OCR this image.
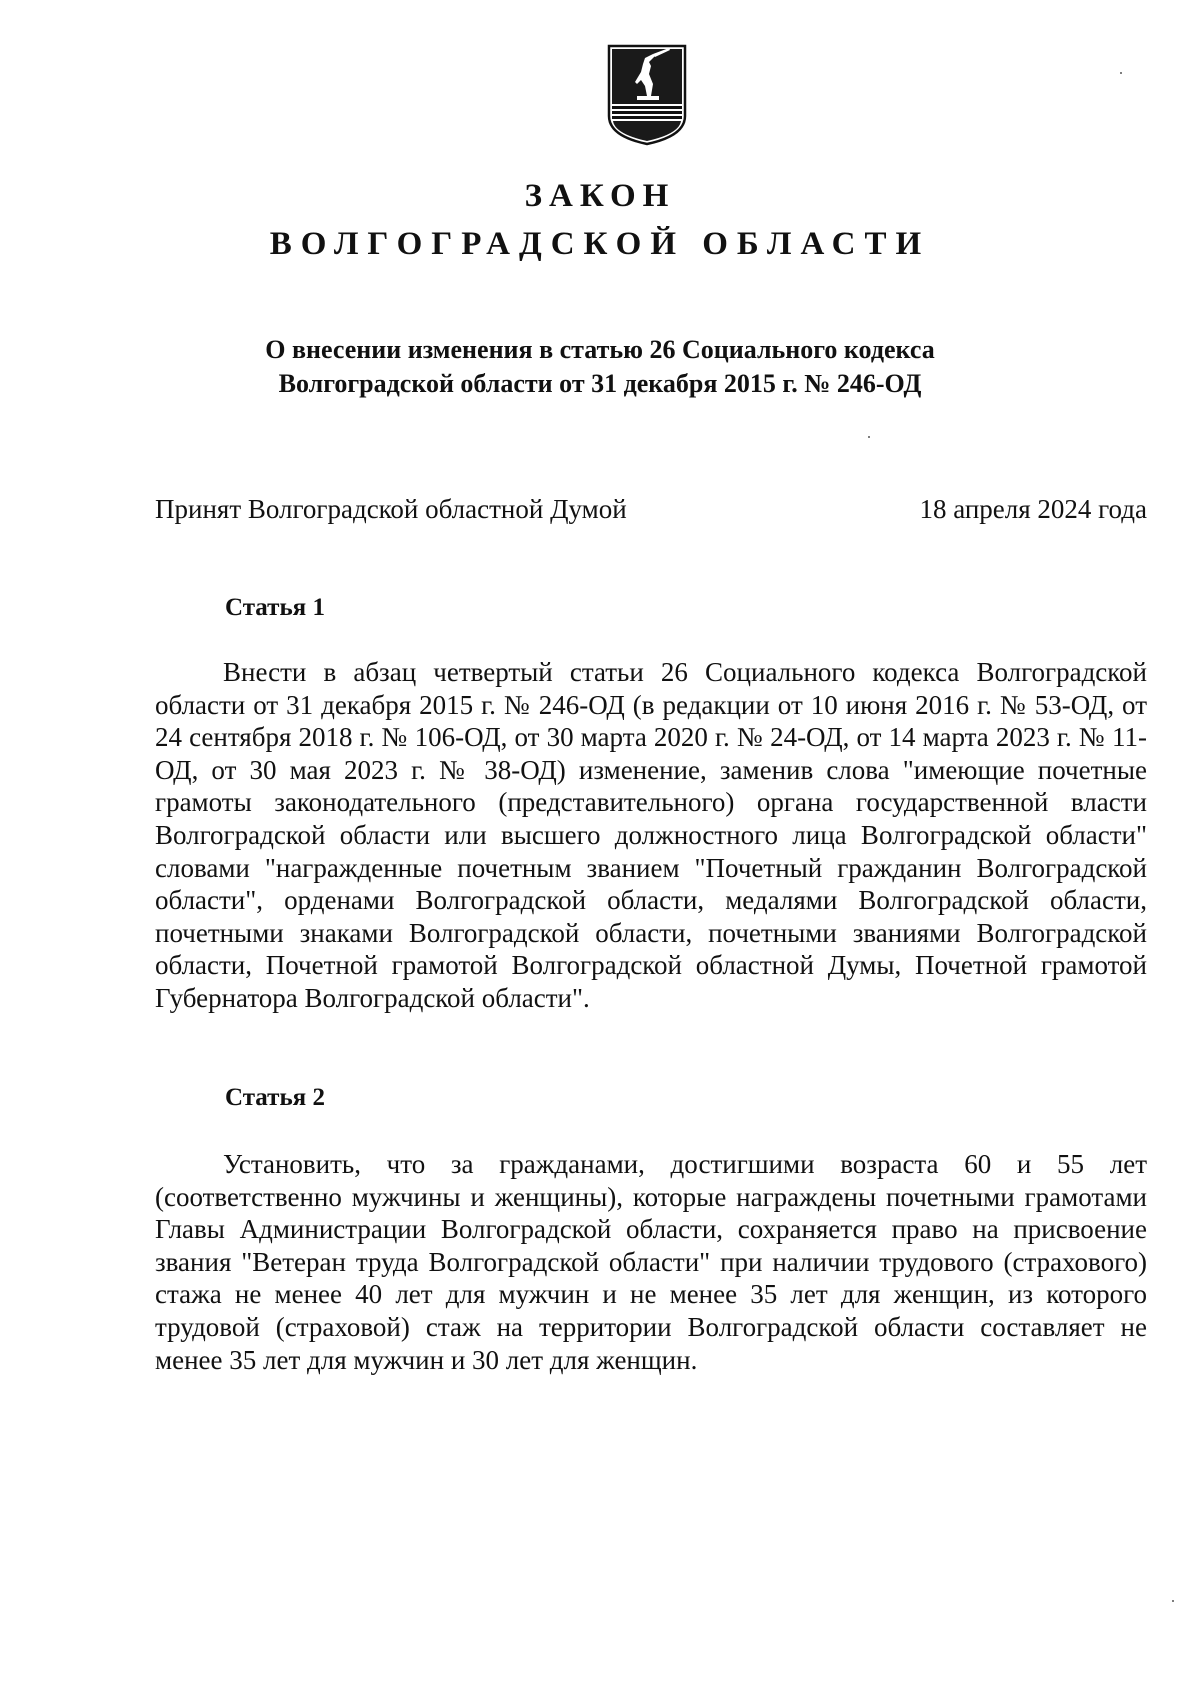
ЗАКОН
ВОЛГОГРАДСКОЙ ОБЛАСТИ
О внесении изменения в статью 26 Социального кодекса
Волгоградской области от 31 декабря 2015 г. № 246-ОД
Принят Волгоградской областной Думой	18 апреля 2024 года
Статья 1

Внести в абзац четвертый статьи 26 Социального кодекса Волгоградской области от 31 декабря 2015 г. № 246-ОД (в редакции от 10 июня 2016 г. № 53-ОД, от 24 сентября 2018 г. № 106-ОД, от 30 марта 2020 г. № 24-ОД, от 14 марта 2023 г. № 11-ОД, от 30 мая 2023 г. № 38-ОД) изменение, заменив слова "имеющие почетные грамоты законодательного (представительного) органа государственной власти Волгоградской области или высшего должностного лица Волгоградской области" словами "награжденные почетным званием "Почетный гражданин Волгоградской области", орденами Волгоградской области, медалями Волгоградской области, почетными знаками Волгоградской области, почетными званиями Волгоградской области, Почетной грамотой Волгоградской областной Думы, Почетной грамотой Губернатора Волгоградской области".

Статья 2

Установить, что за гражданами, достигшими возраста 60 и 55 лет (соответственно мужчины и женщины), которые награждены почетными грамотами Главы Администрации Волгоградской области, сохраняется право на присвоение звания "Ветеран труда Волгоградской области" при наличии трудового (страхового) стажа не менее 40 лет для мужчин и не менее 35 лет для женщин, из которого трудовой (страховой) стаж на территории Волгоградской области составляет не менее 35 лет для мужчин и 30 лет для женщин.
